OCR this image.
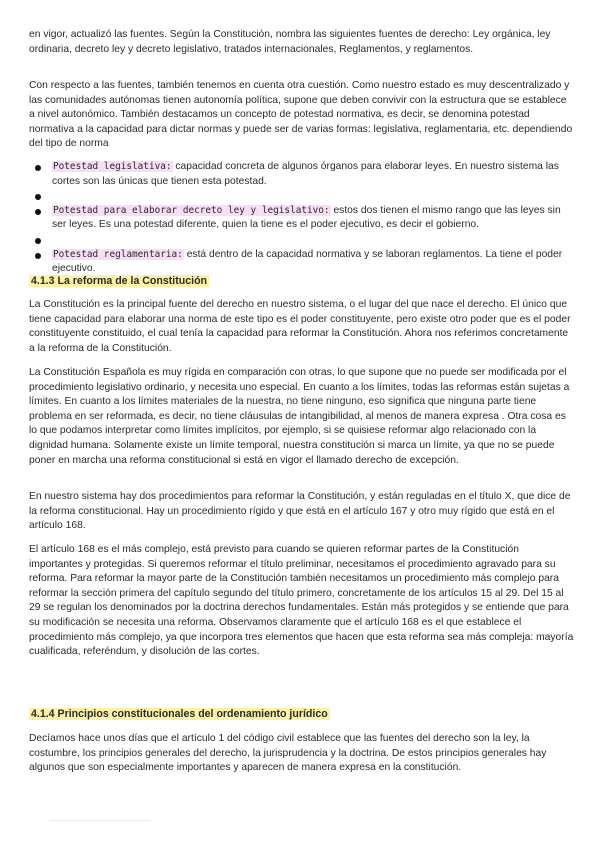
en vigor, actualizó las fuentes. Según la Constitución, nombra las siguientes fuentes de derecho: Ley orgánica, ley ordinaria, decreto ley y decreto legislativo, tratados internacionales, Reglamentos, y reglamentos.

Con respecto a las fuentes, también tenemos en cuenta otra cuestión. Como nuestro estado es muy descentralizado y las comunidades autónomas tienen autonomía política, supone que deben convivir con la estructura que se establece a nivel autonómico. También destacamos un concepto de potestad normativa, es decir, se denomina potestad normativa a la capacidad para dictar normas y puede ser de varias formas: legislativa, reglamentaria, etc. dependiendo del tipo de norma

Potestad legislativa: capacidad concreta de algunos órganos para elaborar leyes. En nuestro sistema las cortes son las únicas que tienen esta potestad.
Potestad para elaborar decreto ley y legislativo: estos dos tienen el mismo rango que las leyes sin ser leyes. Es una potestad diferente, quien la tiene es el poder ejecutivo, es decir el gobierno.
Potestad reglamentaria: está dentro de la capacidad normativa y se laboran reglamentos. La tiene el poder ejecutivo.
4.1.3 La reforma de la Constitución

La Constitución es la principal fuente del derecho en nuestro sistema, o el lugar del que nace el derecho. El único que tiene capacidad para elaborar una norma de este tipo es el poder constituyente, pero existe otro poder que es el poder constituyente constituido, el cual tenía la capacidad para reformar la Constitución. Ahora nos referimos concretamente a la reforma de la Constitución.

La Constitución Española es muy rígida en comparación con otras, lo que supone que no puede ser modificada por el procedimiento legislativo ordinario, y necesita uno especial. En cuanto a los límites, todas las reformas están sujetas a límites. En cuanto a los límites materiales de la nuestra, no tiene ninguno, eso significa que ninguna parte tiene problema en ser reformada, es decir, no tiene cláusulas de intangibilidad, al menos de manera expresa . Otra cosa es lo que podamos interpretar como límites implícitos, por ejemplo, si se quisiese reformar algo relacionado con la dignidad humana. Solamente existe un límite temporal, nuestra constitución si marca un límite, ya que no se puede poner en marcha una reforma constitucional si está en vigor el llamado derecho de excepción.

En nuestro sistema hay dos procedimientos para reformar la Constitución, y están reguladas en el título X, que dice de la reforma constitucional. Hay un procedimiento rígido y que está en el artículo 167 y otro muy rígido que está en el artículo 168.

El artículo 168 es el más complejo, está previsto para cuando se quieren reformar partes de la Constitución importantes y protegidas. Si queremos reformar el título preliminar, necesitamos el procedimiento agravado para su reforma. Para reformar la mayor parte de la Constitución también necesitamos un procedimiento más complejo para reformar la sección primera del capítulo segundo del título primero, concretamente de los artículos 15 al 29. Del 15 al 29 se regulan los denominados por la doctrina derechos fundamentales. Están más protegidos y se entiende que para su modificación se necesita una reforma. Observamos claramente que el artículo 168 es el que establece el procedimiento más complejo, ya que incorpora tres elementos que hacen que esta reforma sea más compleja: mayoría cualificada, referéndum, y disolución de las cortes.

4.1.4 Principios constitucionales del ordenamiento jurídico

Decíamos hace unos días que el artículo 1 del código civil establece que las fuentes del derecho son la ley, la costumbre, los principios generales del derecho, la jurisprudencia y la doctrina. De estos principios generales hay algunos que son especialmente importantes y aparecen de manera expresa en la constitución.
